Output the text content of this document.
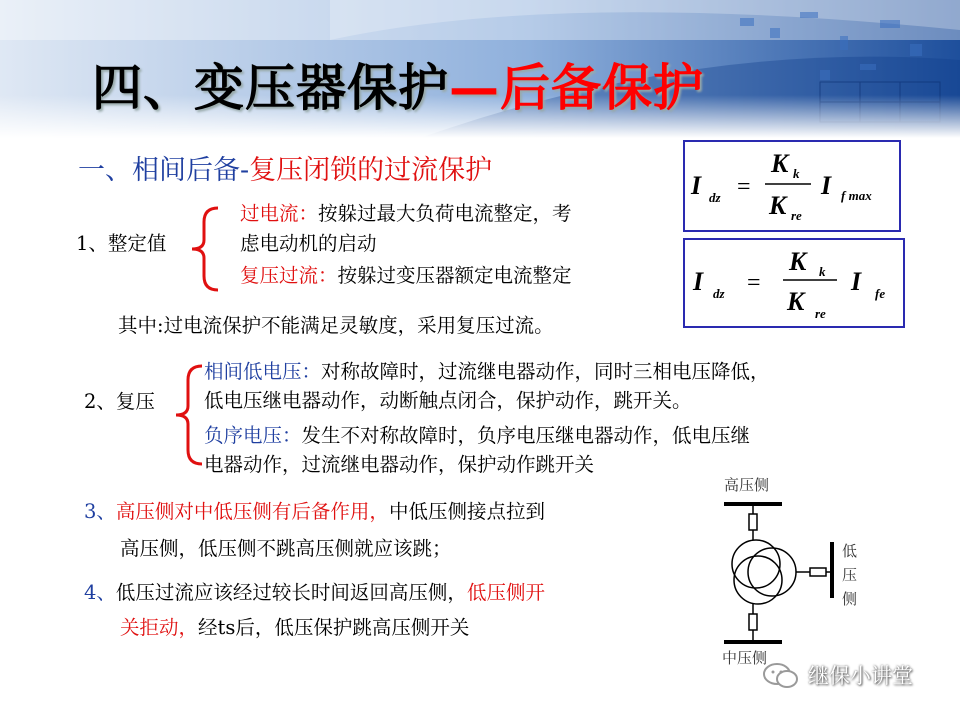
四、变压器保护—后备保护
一、相间后备-复压闭锁的过流保护
1、整定值
过电流：按躲过最大负荷电流整定，考
虑电动机的启动
复压过流：按躲过变压器额定电流整定
其中:过电流保护不能满足灵敏度，采用复压过流。
I dz =
K k
K re
I f max
I dz =
K k
K re
I fe
2、复压
相间低电压：对称故障时，过流继电器动作，同时三相电压降低，
低电压继电器动作，动断触点闭合，保护动作，跳开关。
负序电压：发生不对称故障时，负序电压继电器动作，低电压继
电器动作，过流继电器动作，保护动作跳开关
3、高压侧对中低压侧有后备作用，中低压侧接点拉到
高压侧，低压侧不跳高压侧就应该跳；
4、低压过流应该经过较长时间返回高压侧，低压侧开
关拒动，经ts后，低压保护跳高压侧开关
高压侧
低
压
侧
中压侧
继保小讲堂
